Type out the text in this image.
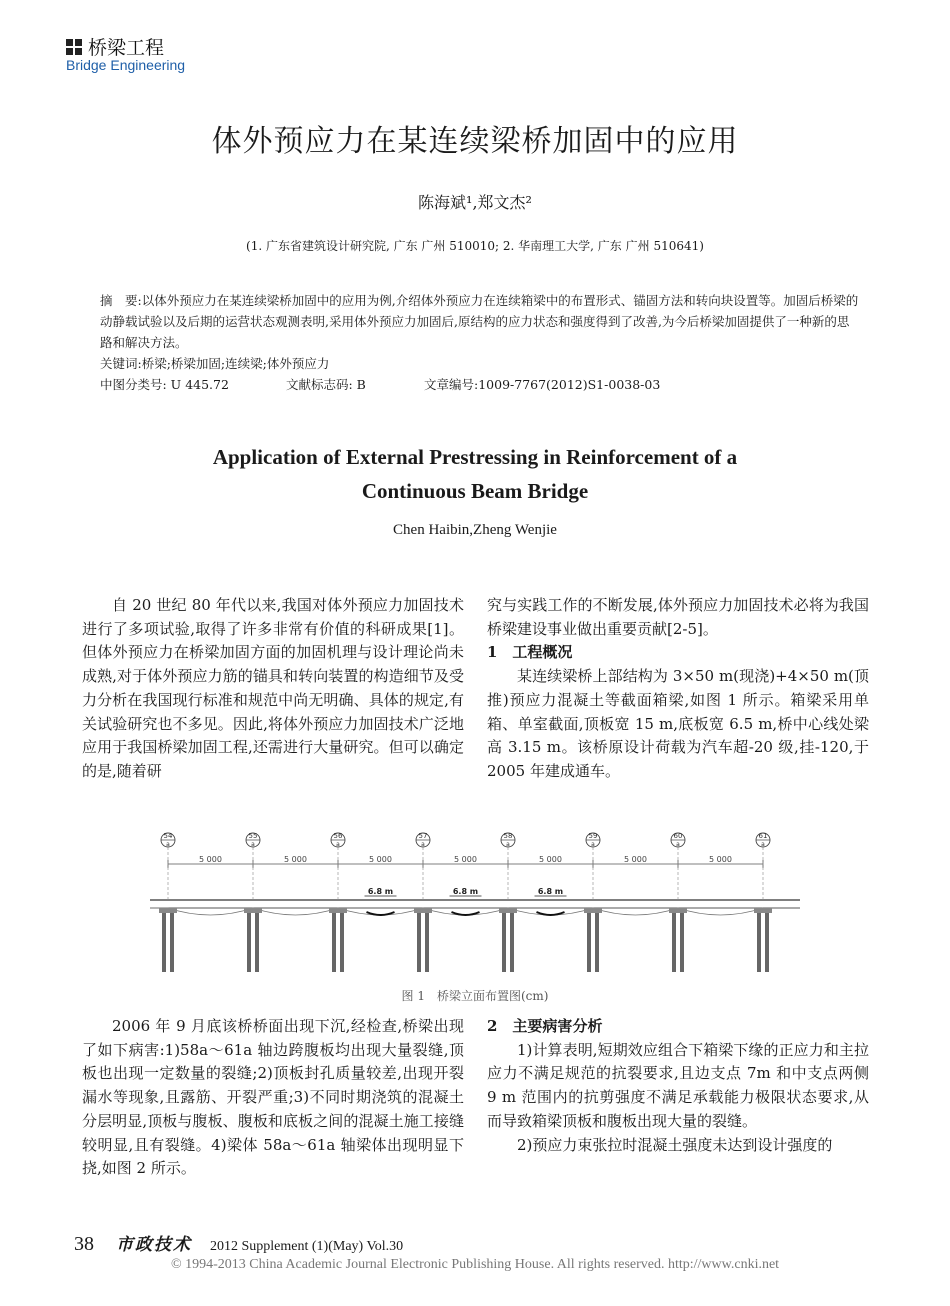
桥梁工程
Bridge Engineering
体外预应力在某连续梁桥加固中的应用
陈海斌¹,郑文杰²
(1. 广东省建筑设计研究院, 广东 广州 510010; 2. 华南理工大学, 广东 广州 510641)

摘　要:以体外预应力在某连续梁桥加固中的应用为例,介绍体外预应力在连续箱梁中的布置形式、锚固方法和转向块设置等。加固后桥梁的动静载试验以及后期的运营状态观测表明,采用体外预应力加固后,原结构的应力状态和强度得到了改善,为今后桥梁加固提供了一种新的思路和解决方法。

关键词:桥梁;桥梁加固;连续梁;体外预应力

中图分类号: U 445.72	文献标志码: B	文章编号:1009-7767(2012)S1-0038-03
Application of External Prestressing in Reinforcement of a
Continuous Beam Bridge
Chen Haibin,Zheng Wenjie

自 20 世纪 80 年代以来,我国对体外预应力加固技术进行了多项试验,取得了许多非常有价值的科研成果[1]。但体外预应力在桥梁加固方面的加固机理与设计理论尚未成熟,对于体外预应力筋的锚具和转向装置的构造细节及受力分析在我国现行标准和规范中尚无明确、具体的规定,有关试验研究也不多见。因此,将体外预应力加固技术广泛地应用于我国桥梁加固工程,还需进行大量研究。但可以确定的是,随着研

究与实践工作的不断发展,体外预应力加固技术必将为我国桥梁建设事业做出重要贡献[2-5]。

1　工程概况

某连续梁桥上部结构为 3×50 m(现浇)+4×50 m(顶推)预应力混凝土等截面箱梁,如图 1 所示。箱梁采用单箱、单室截面,顶板宽 15 m,底板宽 6.5 m,桥中心线处梁高 3.15 m。该桥原设计荷载为汽车超-20 级,挂-120,于 2005 年建成通车。

5 000	5 000	5 000	5 000	5 000	5 000	5 000
54
a
55
a
56
a
57
a
58
a
59
a
60
a
61
a
6.8 m	6.8 m	6.8 m
图 1　桥梁立面布置图(cm)

2006 年 9 月底该桥桥面出现下沉,经检查,桥梁出现了如下病害:1)58a～61a 轴边跨腹板均出现大量裂缝,顶板也出现一定数量的裂缝;2)顶板封孔质量较差,出现开裂漏水等现象,且露筋、开裂严重;3)不同时期浇筑的混凝土分层明显,顶板与腹板、腹板和底板之间的混凝土施工接缝较明显,且有裂缝。4)梁体 58a～61a 轴梁体出现明显下挠,如图 2 所示。

2　主要病害分析

1)计算表明,短期效应组合下箱梁下缘的正应力和主拉应力不满足规范的抗裂要求,且边支点 7m 和中支点两侧 9 m 范围内的抗剪强度不满足承载能力极限状态要求,从而导致箱梁顶板和腹板出现大量的裂缝。

2)预应力束张拉时混凝土强度未达到设计强度的

38 市政技术 2012 Supplement (1)(May) Vol.30
© 1994-2013 China Academic Journal Electronic Publishing House. All rights reserved. http://www.cnki.net
